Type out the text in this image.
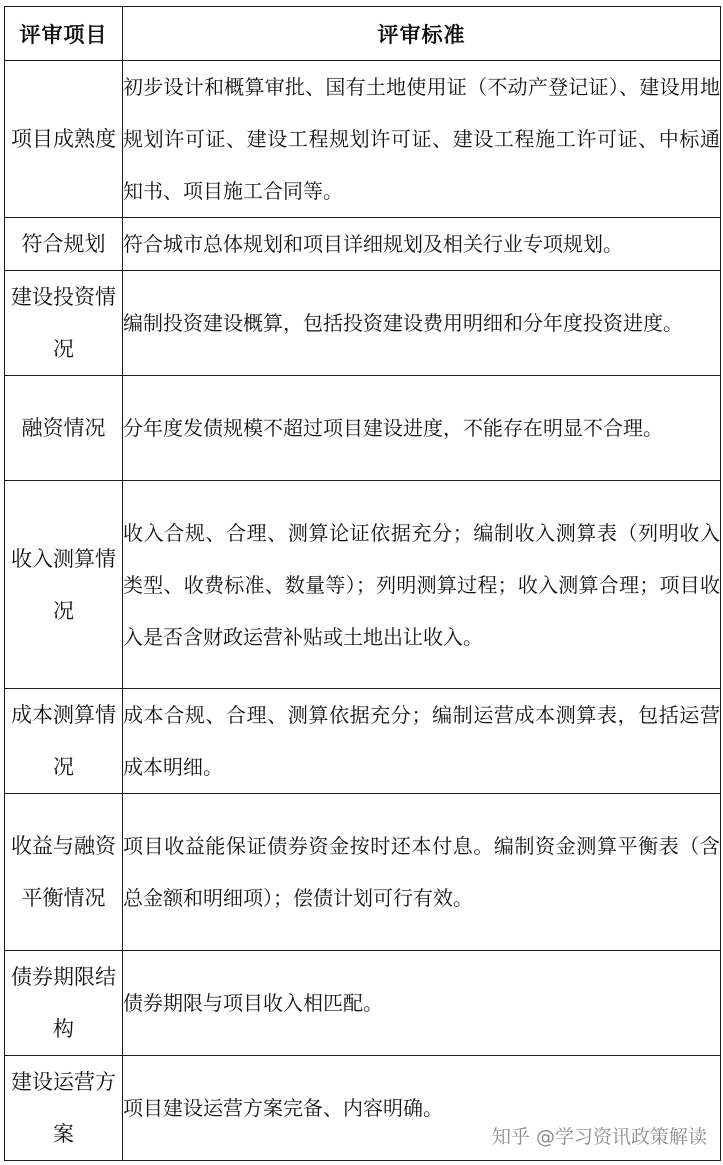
评审项目	评审标准
项目成熟度	初步设计和概算审批、国有土地使用证（不动产登记证）、建设用地规划许可证、建设工程规划许可证、建设工程施工许可证、中标通知书、项目施工合同等。
符合规划	符合城市总体规划和项目详细规划及相关行业专项规划。
建设投资情况	编制投资建设概算，包括投资建设费用明细和分年度投资进度。
融资情况	分年度发债规模不超过项目建设进度，不能存在明显不合理。
收入测算情况	收入合规、合理、测算论证依据充分；编制收入测算表（列明收入类型、收费标准、数量等）；列明测算过程；收入测算合理；项目收入是否含财政运营补贴或土地出让收入。
成本测算情况	成本合规、合理、测算依据充分；编制运营成本测算表，包括运营成本明细。
收益与融资平衡情况	项目收益能保证债券资金按时还本付息。编制资金测算平衡表（含总金额和明细项）；偿债计划可行有效。
债券期限结构	债券期限与项目收入相匹配。
建设运营方案	项目建设运营方案完备、内容明确。
知乎 @学习资讯政策解读
